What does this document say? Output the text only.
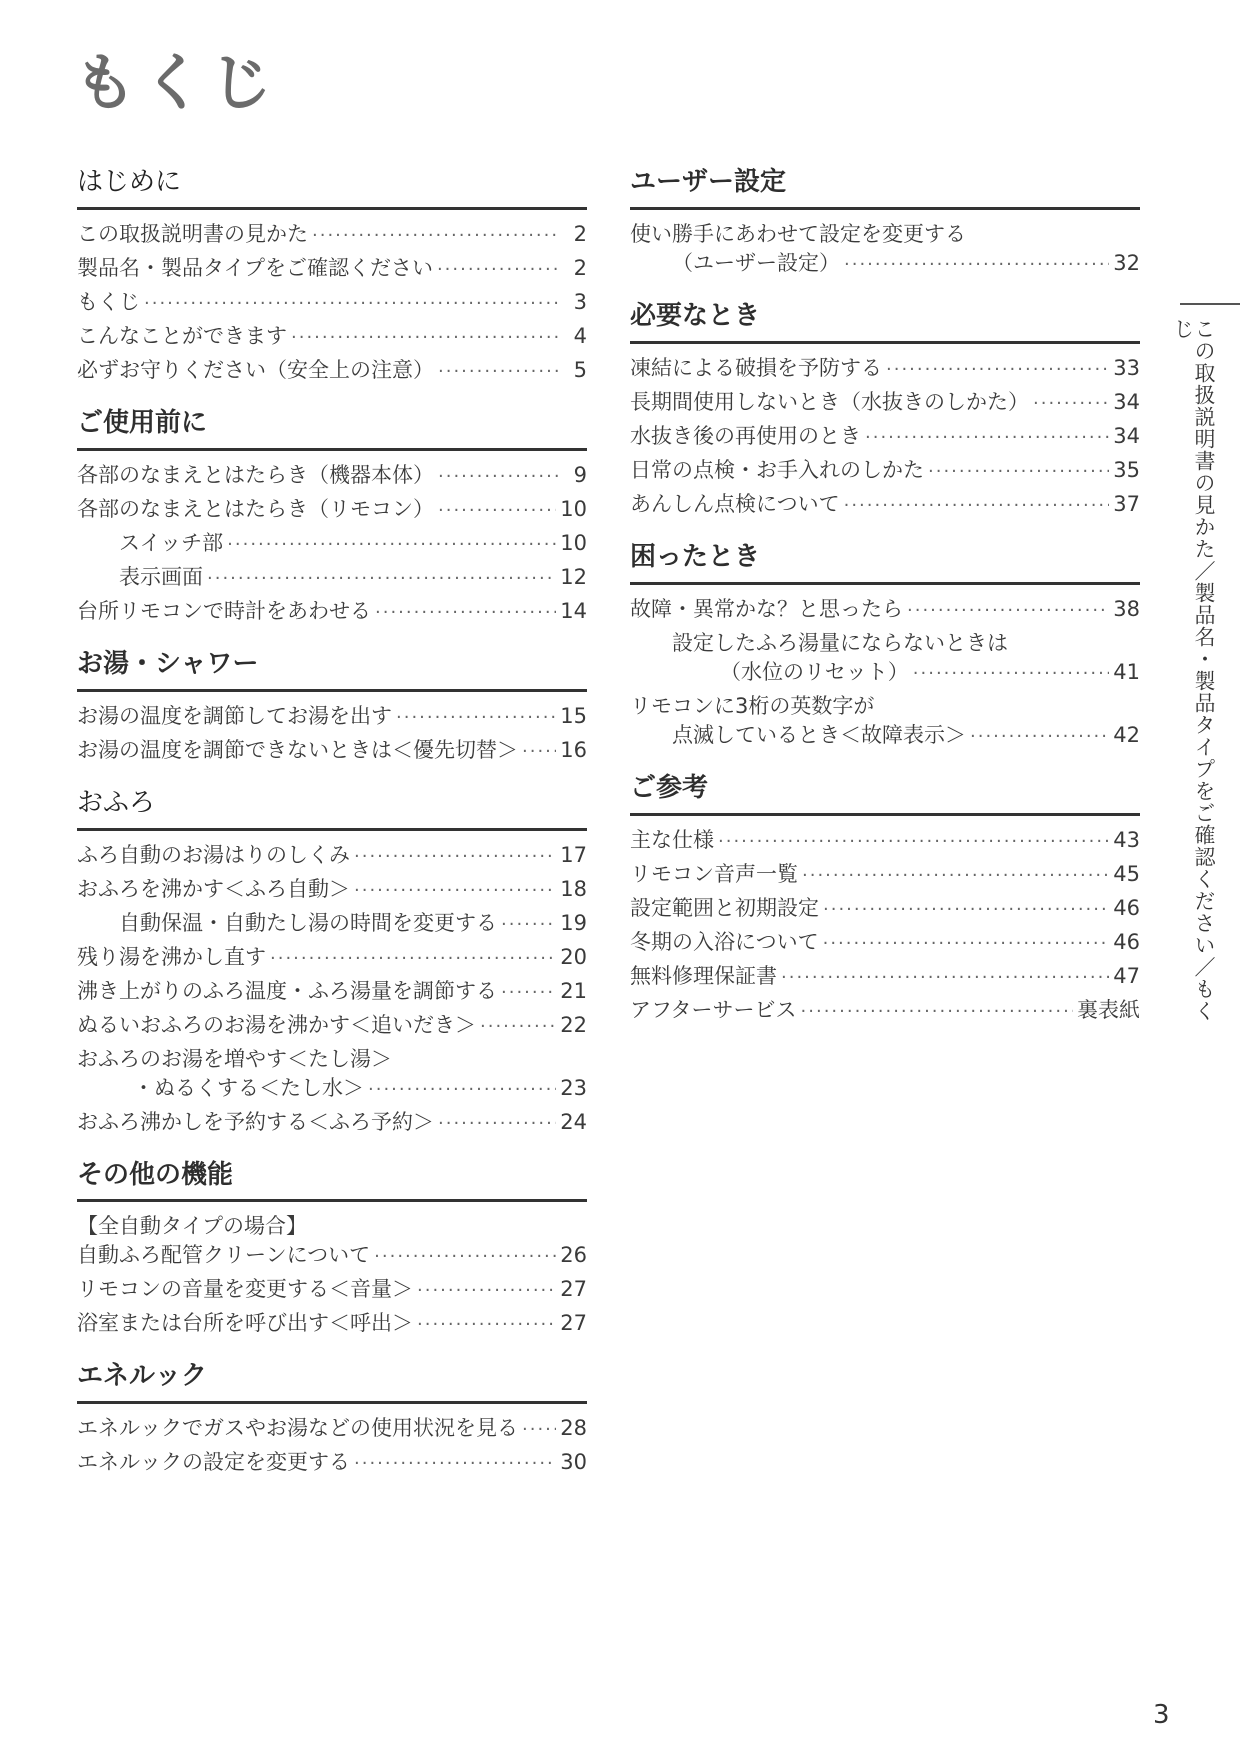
もくじ
はじめに
この取扱説明書の見かた ·····	2
製品名・製品タイプをご確認ください ·····	2
もくじ ·····	3
こんなことができます ·····	4
必ずお守りください（安全上の注意） ·····	5
ご使用前に
各部のなまえとはたらき（機器本体） ·····	9
各部のなまえとはたらき（リモコン） ·····	10
スイッチ部 ·····	10
表示画面 ·····	12
台所リモコンで時計をあわせる ·····	14
お湯・シャワー
お湯の温度を調節してお湯を出す ·····	15
お湯の温度を調節できないときは＜優先切替＞ ····· 16
おふろ
ふろ自動のお湯はりのしくみ ·····	17
おふろを沸かす＜ふろ自動＞ ·····	18
自動保温・自動たし湯の時間を変更する ·····	19
残り湯を沸かし直す ·····	20
沸き上がりのふろ温度・ふろ湯量を調節する ·····	21
ぬるいおふろのお湯を沸かす＜追いだき＞ ·····	22
おふろのお湯を増やす＜たし湯＞
・ぬるくする＜たし水＞ ·····	23
おふろ沸かしを予約する＜ふろ予約＞ ·····	24
その他の機能
【全自動タイプの場合】
自動ふろ配管クリーンについて ·····	26
リモコンの音量を変更する＜音量＞ ·····	27
浴室または台所を呼び出す＜呼出＞ ·····	27
エネルック
エネルックでガスやお湯などの使用状況を見る ····· 28
エネルックの設定を変更する ·····	30
ユーザー設定
使い勝手にあわせて設定を変更する
（ユーザー設定） ·····	32
必要なとき
凍結による破損を予防する ·····	33
長期間使用しないとき（水抜きのしかた） ·····	34
水抜き後の再使用のとき ·····	34
日常の点検・お手入れのしかた ·····	35
あんしん点検について ·····	37
困ったとき
故障・異常かな？と思ったら ·····	38
設定したふろ湯量にならないときは
（水位のリセット） ·····	41
リモコンに3桁の英数字が
点滅しているとき＜故障表示＞ ·····	42
ご参考
主な仕様 ·····	43
リモコン音声一覧 ·····	45
設定範囲と初期設定 ·····	46
冬期の入浴について ·····	46
無料修理保証書 ·····	47
アフターサービス ·····	裏表紙	この取扱説明書の見かた／製品名・製品タイプをご確認ください／もくじ
3
